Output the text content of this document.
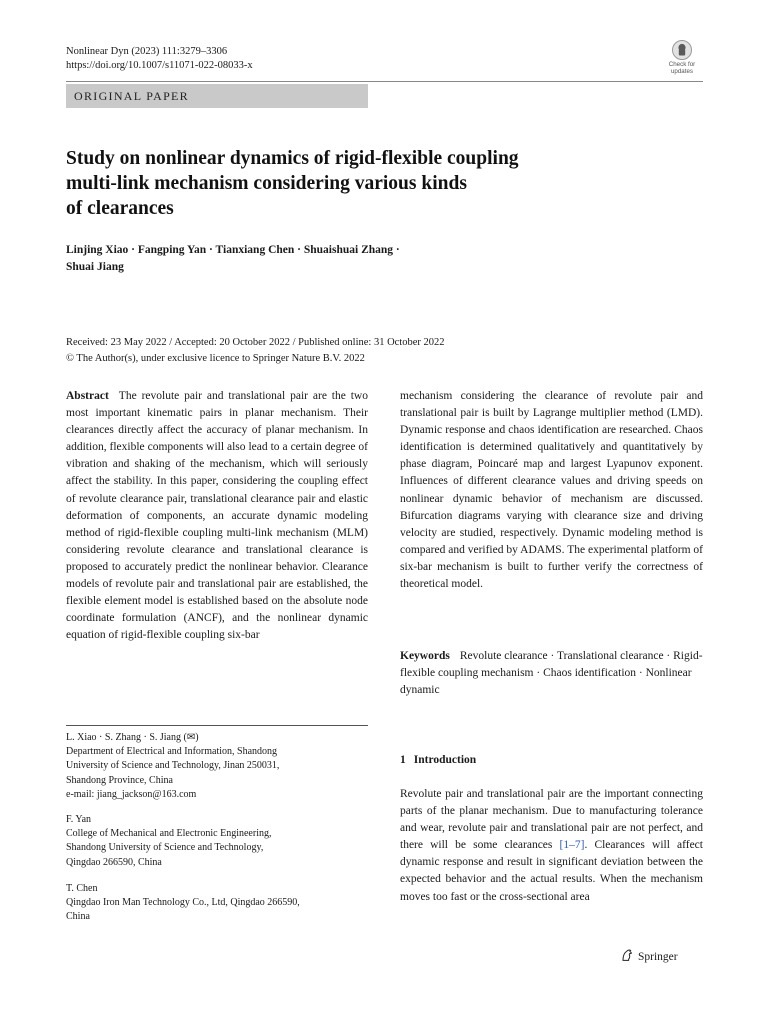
Nonlinear Dyn (2023) 111:3279–3306
https://doi.org/10.1007/s11071-022-08033-x	Check for
updates
ORIGINAL PAPER
Study on nonlinear dynamics of rigid-flexible coupling
multi-link mechanism considering various kinds
of clearances
Linjing Xiao · Fangping Yan · Tianxiang Chen · Shuaishuai Zhang ·
Shuai Jiang
Received: 23 May 2022 / Accepted: 20 October 2022 / Published online: 31 October 2022
© The Author(s), under exclusive licence to Springer Nature B.V. 2022
Abstract The revolute pair and translational pair are the two most important kinematic pairs in planar mechanism. Their clearances directly affect the accuracy of planar mechanism. In addition, flexible components will also lead to a certain degree of vibration and shaking of the mechanism, which will seriously affect the stability. In this paper, considering the coupling effect of revolute clearance pair, translational clearance pair and elastic deformation of components, an accurate dynamic modeling method of rigid-flexible coupling multi-link mechanism (MLM) considering revolute clearance and translational clearance is proposed to accurately predict the nonlinear behavior. Clearance models of revolute pair and translational pair are established, the flexible element model is established based on the absolute node coordinate formulation (ANCF), and the nonlinear dynamic equation of rigid-flexible coupling six-bar
mechanism considering the clearance of revolute pair and translational pair is built by Lagrange multiplier method (LMD). Dynamic response and chaos identification are researched. Chaos identification is determined qualitatively and quantitatively by phase diagram, Poincaré map and largest Lyapunov exponent. Influences of different clearance values and driving speeds on nonlinear dynamic behavior of mechanism are discussed. Bifurcation diagrams varying with clearance size and driving velocity are studied, respectively. Dynamic modeling method is compared and verified by ADAMS. The experimental platform of six-bar mechanism is built to further verify the correctness of theoretical model.
Keywords Revolute clearance · Translational clearance · Rigid-flexible coupling mechanism · Chaos identification · Nonlinear dynamic
L. Xiao · S. Zhang · S. Jiang (✉)
Department of Electrical and Information, Shandong
University of Science and Technology, Jinan 250031,
Shandong Province, China
e-mail: jiang_jackson@163.com
F. Yan
College of Mechanical and Electronic Engineering,
Shandong University of Science and Technology,
Qingdao 266590, China
T. Chen
Qingdao Iron Man Technology Co., Ltd, Qingdao 266590,
China
1 Introduction
Revolute pair and translational pair are the important connecting parts of the planar mechanism. Due to manufacturing tolerance and wear, revolute pair and translational pair are not perfect, and there will be some clearances [1–7]. Clearances will affect dynamic response and result in significant deviation between the expected behavior and the actual results. When the mechanism moves too fast or the cross-sectional area
Springer
